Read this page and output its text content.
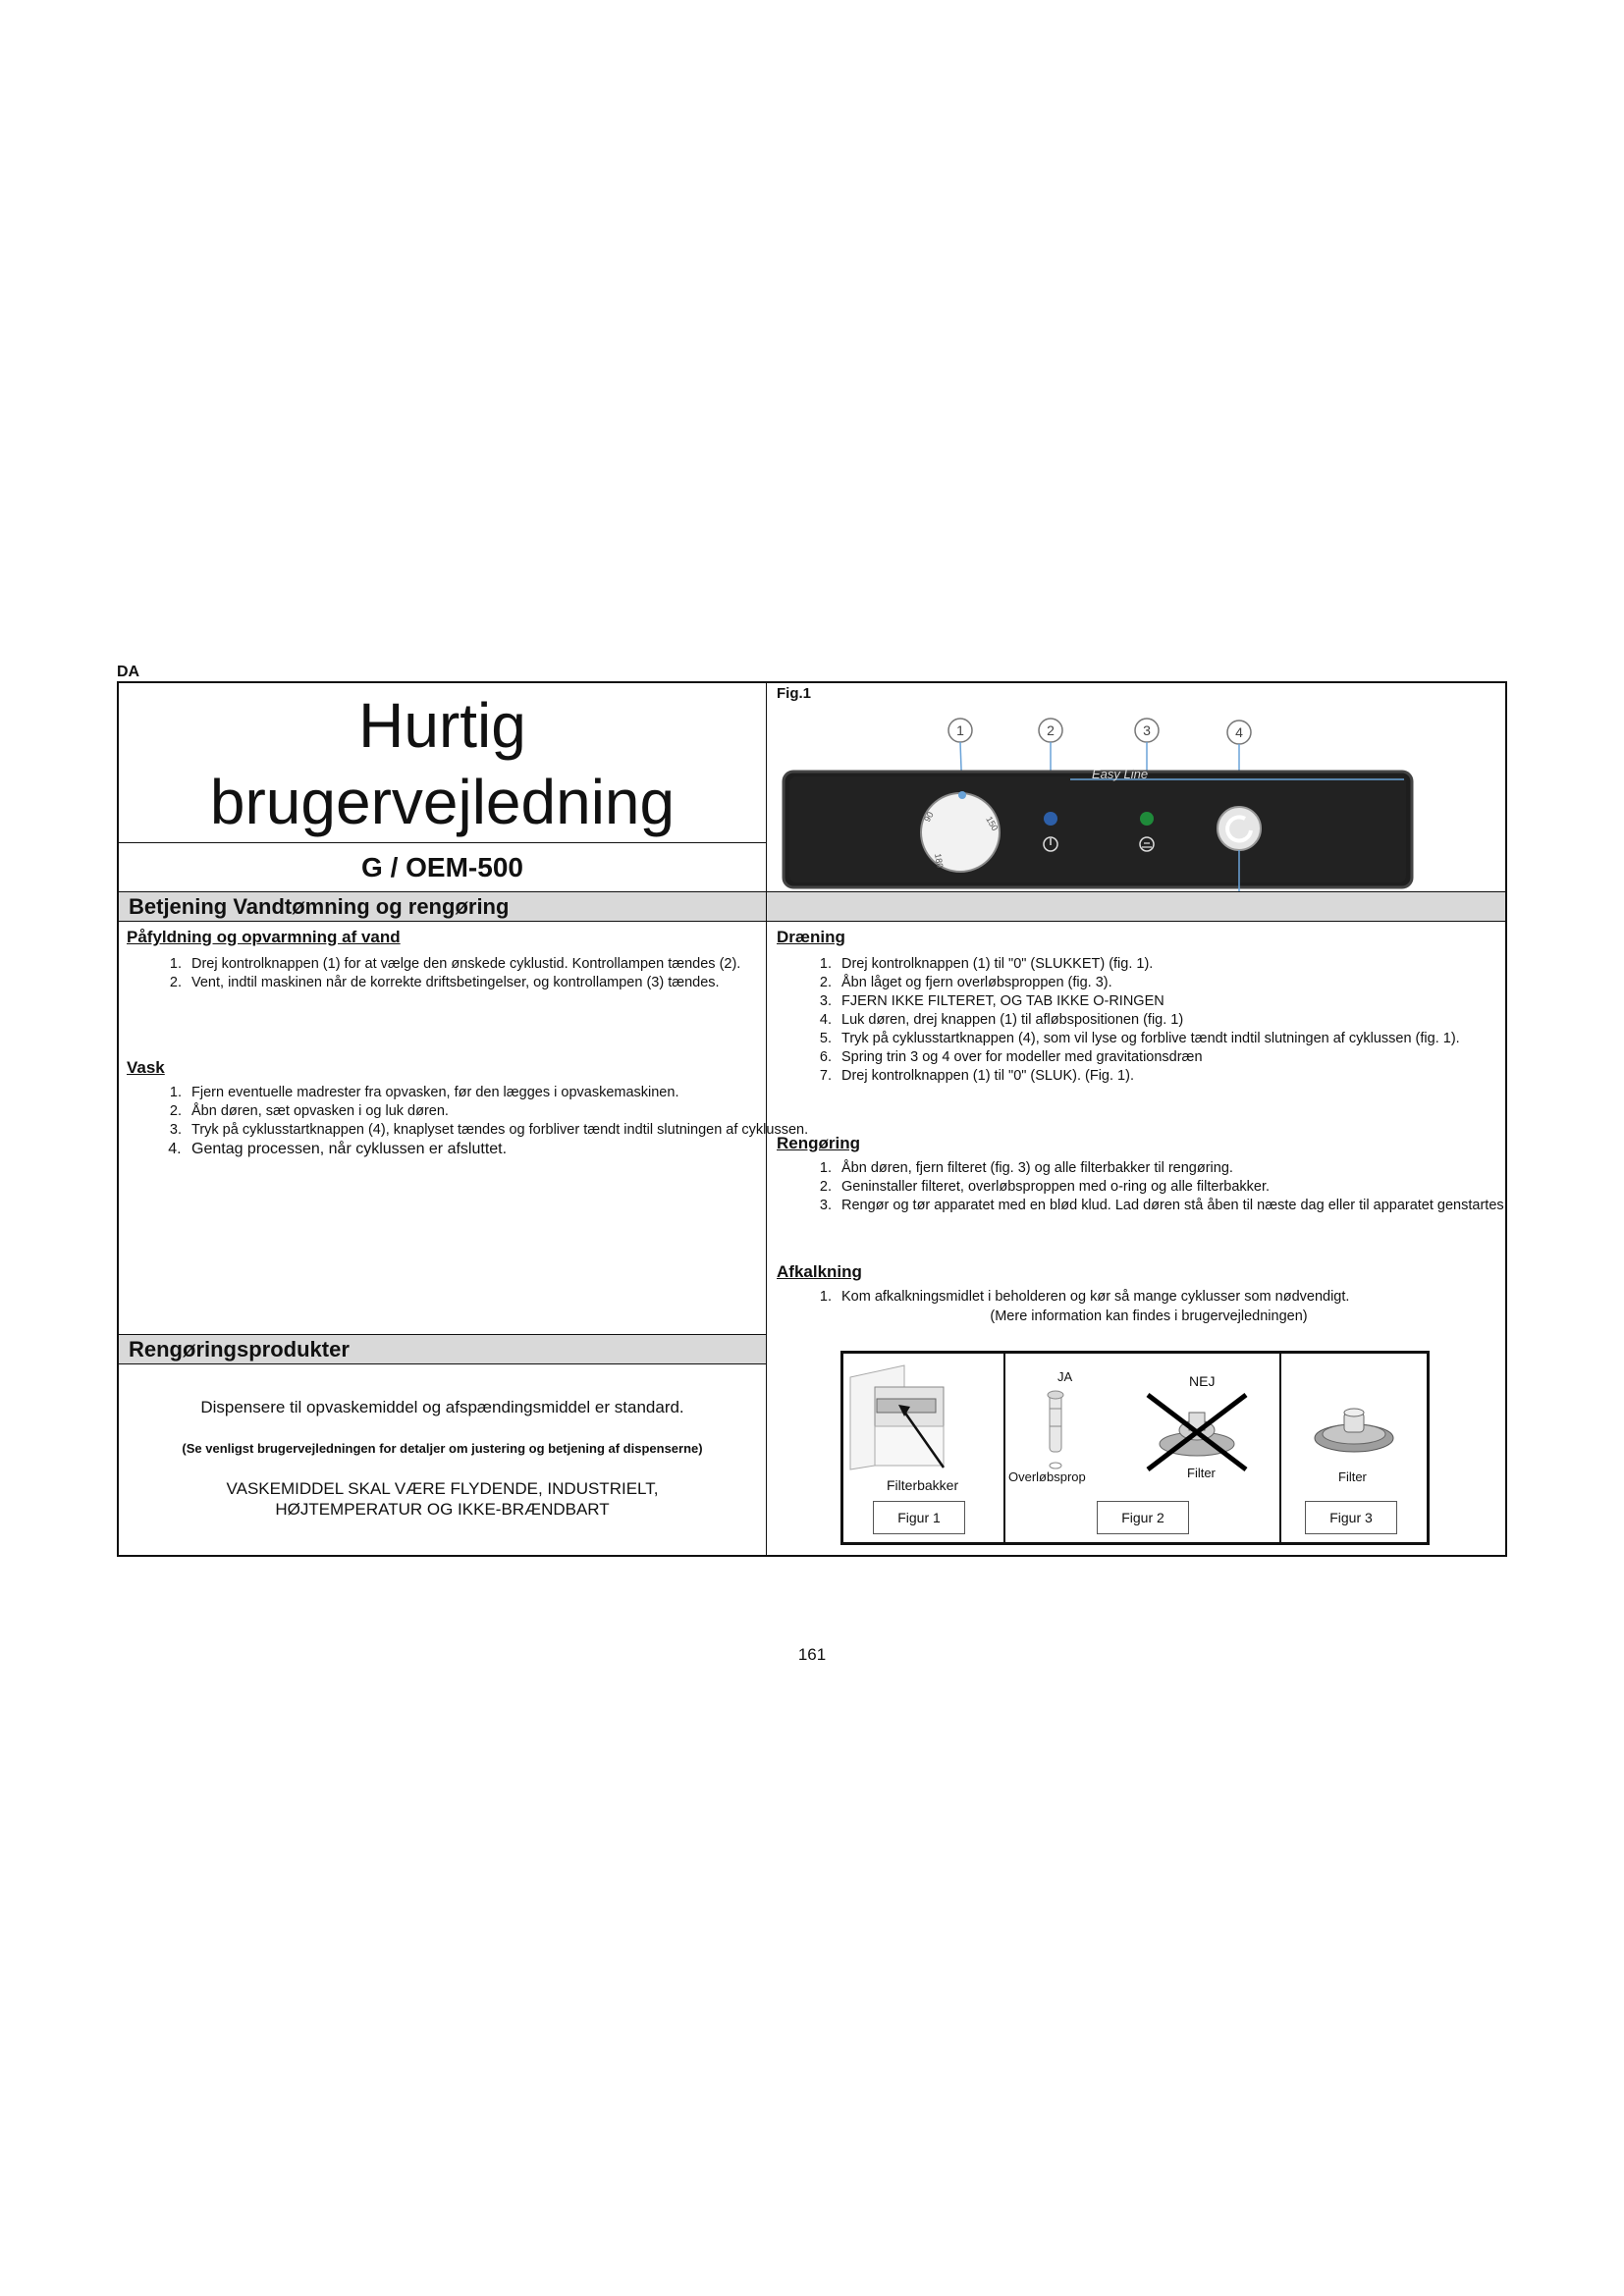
DA
Hurtig
brugervejledning
G / OEM-500
Fig.1
1	2	3	4
Easy Line
90	150
180
Betjening Vandtømning og rengøring
Påfyldning og opvarmning af vand
1. Drej kontrolknappen (1) for at vælge den ønskede cyklustid. Kontrollampen tændes (2).
2. Vent, indtil maskinen når de korrekte driftsbetingelser, og kontrollampen (3) tændes.
Vask
1. Fjern eventuelle madrester fra opvasken, før den lægges i opvaskemaskinen.
2. Åbn døren, sæt opvasken i og luk døren.
3. Tryk på cyklusstartknappen (4), knaplyset tændes og forbliver tændt indtil slutningen af cyklussen.
4. Gentag processen, når cyklussen er afsluttet.
Rengøringsprodukter
Dispensere til opvaskemiddel og afspændingsmiddel er standard.
(Se venligst brugervejledningen for detaljer om justering og betjening af dispenserne)
VASKEMIDDEL SKAL VÆRE FLYDENDE, INDUSTRIELT,
HØJTEMPERATUR OG IKKE-BRÆNDBART
Dræning
1. Drej kontrolknappen (1) til "0" (SLUKKET) (fig. 1).
2. Åbn låget og fjern overløbsproppen (fig. 3).
3. FJERN IKKE FILTERET, OG TAB IKKE O-RINGEN
4. Luk døren, drej knappen (1) til afløbspositionen (fig. 1)
5. Tryk på cyklusstartknappen (4), som vil lyse og forblive tændt indtil slutningen af cyklussen (fig. 1).
6. Spring trin 3 og 4 over for modeller med gravitationsdræn
7. Drej kontrolknappen (1) til "0" (SLUK). (Fig. 1).
Rengøring
1. Åbn døren, fjern filteret (fig. 3) og alle filterbakker til rengøring.
2. Geninstaller filteret, overløbsproppen med o-ring og alle filterbakker.
3. Rengør og tør apparatet med en blød klud. Lad døren stå åben til næste dag eller til apparatet genstartes.
Afkalkning
1. Kom afkalkningsmidlet i beholderen og kør så mange cyklusser som nødvendigt.
(Mere information kan findes i brugervejledningen)
Filterbakker
Figur 1
JA	NEJ
Overløbsprop	Filter
Figur 2
Filter
Figur 3
161
